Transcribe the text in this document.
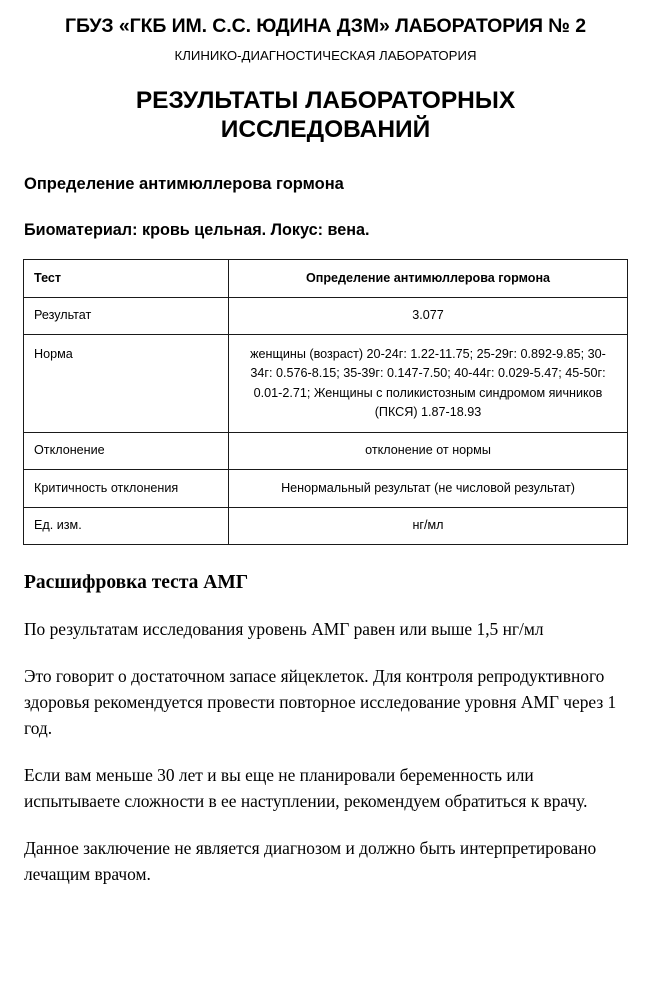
ГБУЗ «ГКБ ИМ. С.С. ЮДИНА ДЗМ» ЛАБОРАТОРИЯ № 2
КЛИНИКО-ДИАГНОСТИЧЕСКАЯ ЛАБОРАТОРИЯ
РЕЗУЛЬТАТЫ ЛАБОРАТОРНЫХ ИССЛЕДОВАНИЙ
Определение антимюллерова гормона
Биоматериал: кровь цельная. Локус: вена.
Тест	Определение антимюллерова гормона
Результат	3.077
Норма	женщины (возраст) 20-24г: 1.22-11.75; 25-29г: 0.892-9.85; 30-34г: 0.576-8.15; 35-39г: 0.147-7.50; 40-44г: 0.029-5.47; 45-50г: 0.01-2.71; Женщины с поликистозным синдромом яичников (ПКСЯ) 1.87-18.93
Отклонение	отклонение от нормы
Критичность отклонения	Ненормальный результат (не числовой результат)
Ед. изм.	нг/мл
Расшифровка теста АМГ

По результатам исследования уровень АМГ равен или выше 1,5 нг/мл

Это говорит о достаточном запасе яйцеклеток. Для контроля репродуктивного здоровья рекомендуется провести повторное исследование уровня АМГ через 1 год.

Если вам меньше 30 лет и вы еще не планировали беременность или испытываете сложности в ее наступлении, рекомендуем обратиться к врачу.

Данное заключение не является диагнозом и должно быть интерпретировано лечащим врачом.
